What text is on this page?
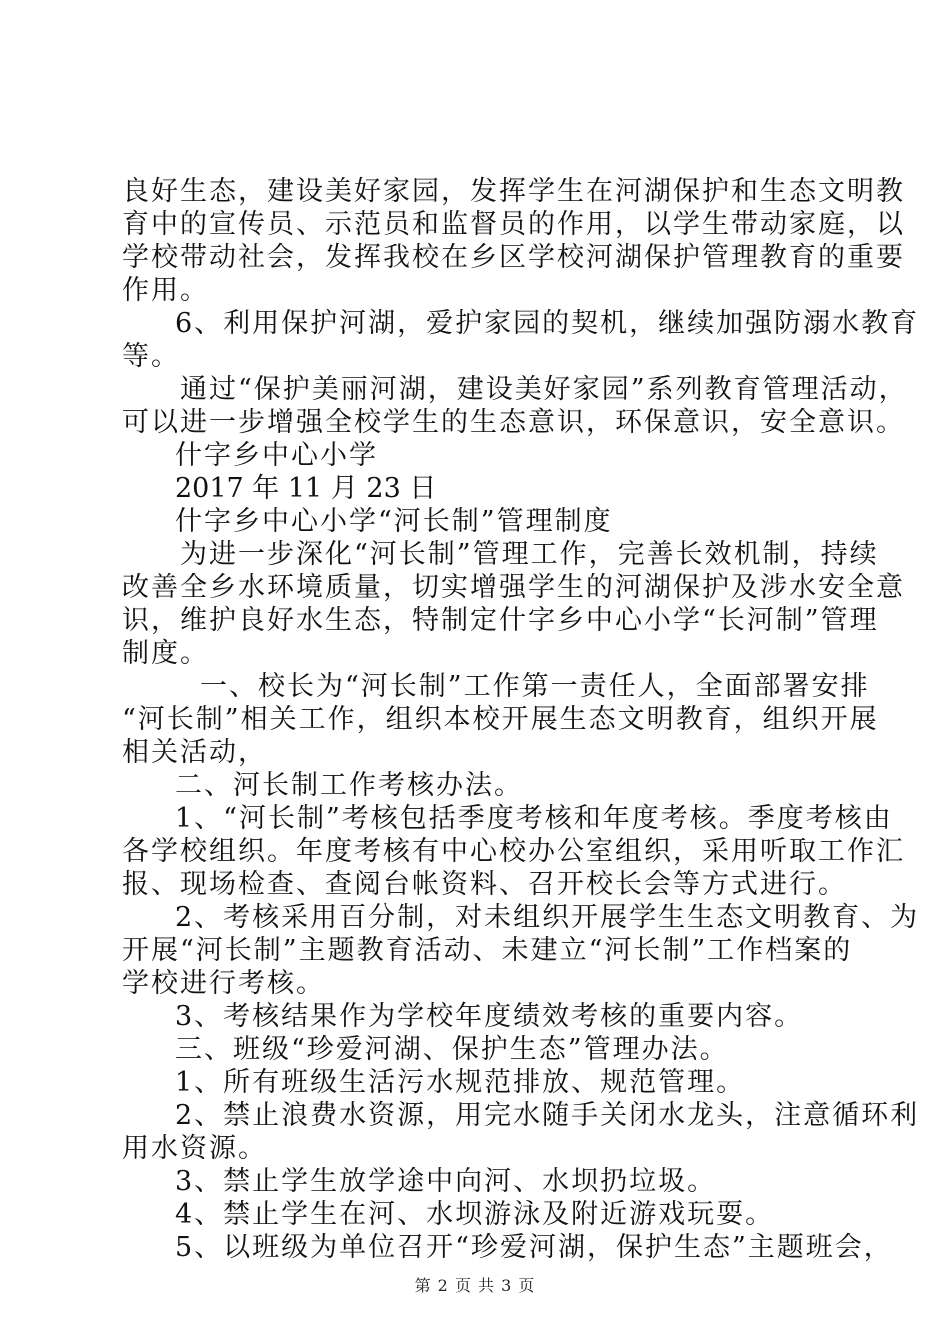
良好生态，建设美好家园，发挥学生在河湖保护和生态文明教
育中的宣传员、示范员和监督员的作用，以学生带动家庭，以
学校带动社会，发挥我校在乡区学校河湖保护管理教育的重要
作用。
6、利用保护河湖，爱护家园的契机，继续加强防溺水教育
等。
通过“保护美丽河湖，建设美好家园”系列教育管理活动，
可以进一步增强全校学生的生态意识，环保意识，安全意识。
什字乡中心小学
2017 年 11 月 23 日
什字乡中心小学“河长制”管理制度
为进一步深化“河长制”管理工作，完善长效机制，持续
改善全乡水环境质量，切实增强学生的河湖保护及涉水安全意
识，维护良好水生态，特制定什字乡中心小学“长河制”管理
制度。
一、校长为“河长制”工作第一责任人，全面部署安排
“河长制”相关工作，组织本校开展生态文明教育，组织开展
相关活动，
二、河长制工作考核办法。
1、“河长制”考核包括季度考核和年度考核。季度考核由
各学校组织。年度考核有中心校办公室组织，采用听取工作汇
报、现场检查、查阅台帐资料、召开校长会等方式进行。
2、考核采用百分制，对未组织开展学生生态文明教育、为
开展“河长制”主题教育活动、未建立“河长制”工作档案的
学校进行考核。
3、考核结果作为学校年度绩效考核的重要内容。
三、班级“珍爱河湖、保护生态”管理办法。
1、所有班级生活污水规范排放、规范管理。
2、禁止浪费水资源，用完水随手关闭水龙头，注意循环利
用水资源。
3、禁止学生放学途中向河、水坝扔垃圾。
4、禁止学生在河、水坝游泳及附近游戏玩耍。
5、以班级为单位召开“珍爱河湖，保护生态”主题班会，
第 2 页 共 3 页
